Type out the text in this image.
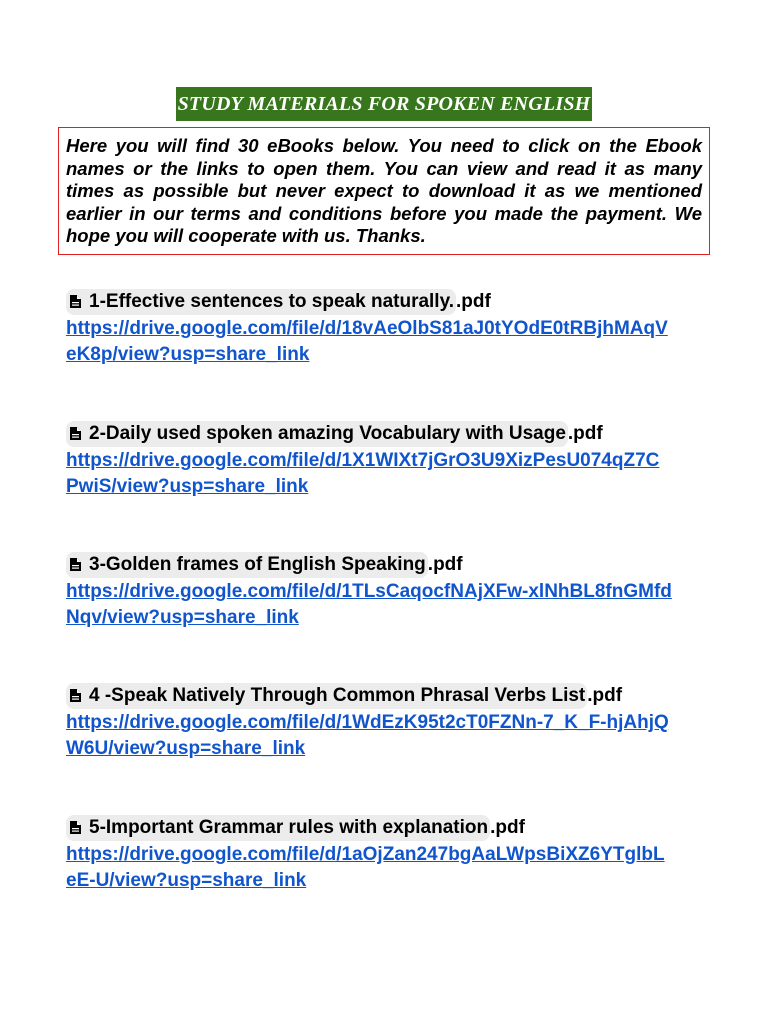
STUDY MATERIALS FOR SPOKEN ENGLISH
Here you will find 30 eBooks below. You need to click on the Ebook names or the links to open them. You can view and read it as many times as possible but never expect to download it as we mentioned earlier in our terms and conditions before you made the payment. We hope you will cooperate with us. Thanks.
1-Effective sentences to speak naturally. .pdf
https://drive.google.com/file/d/18vAeOlbS81aJ0tYOdE0tRBjhMAqVeK8p/view?usp=share_link
2-Daily used spoken amazing Vocabulary with Usage.pdf
https://drive.google.com/file/d/1X1WIXt7jGrO3U9XizPesU074qZ7CPwiS/view?usp=share_link
3-Golden frames of English Speaking .pdf
https://drive.google.com/file/d/1TLsCaqocfNAjXFw-xlNhBL8fnGMfdNqv/view?usp=share_link
4 -Speak Natively Through Common Phrasal Verbs List .pdf
https://drive.google.com/file/d/1WdEzK95t2cT0FZNn-7_K_F-hjAhjQW6U/view?usp=share_link
5-Important Grammar rules with explanation .pdf
https://drive.google.com/file/d/1aOjZan247bgAaLWpsBiXZ6YTglbLeE-U/view?usp=share_link
